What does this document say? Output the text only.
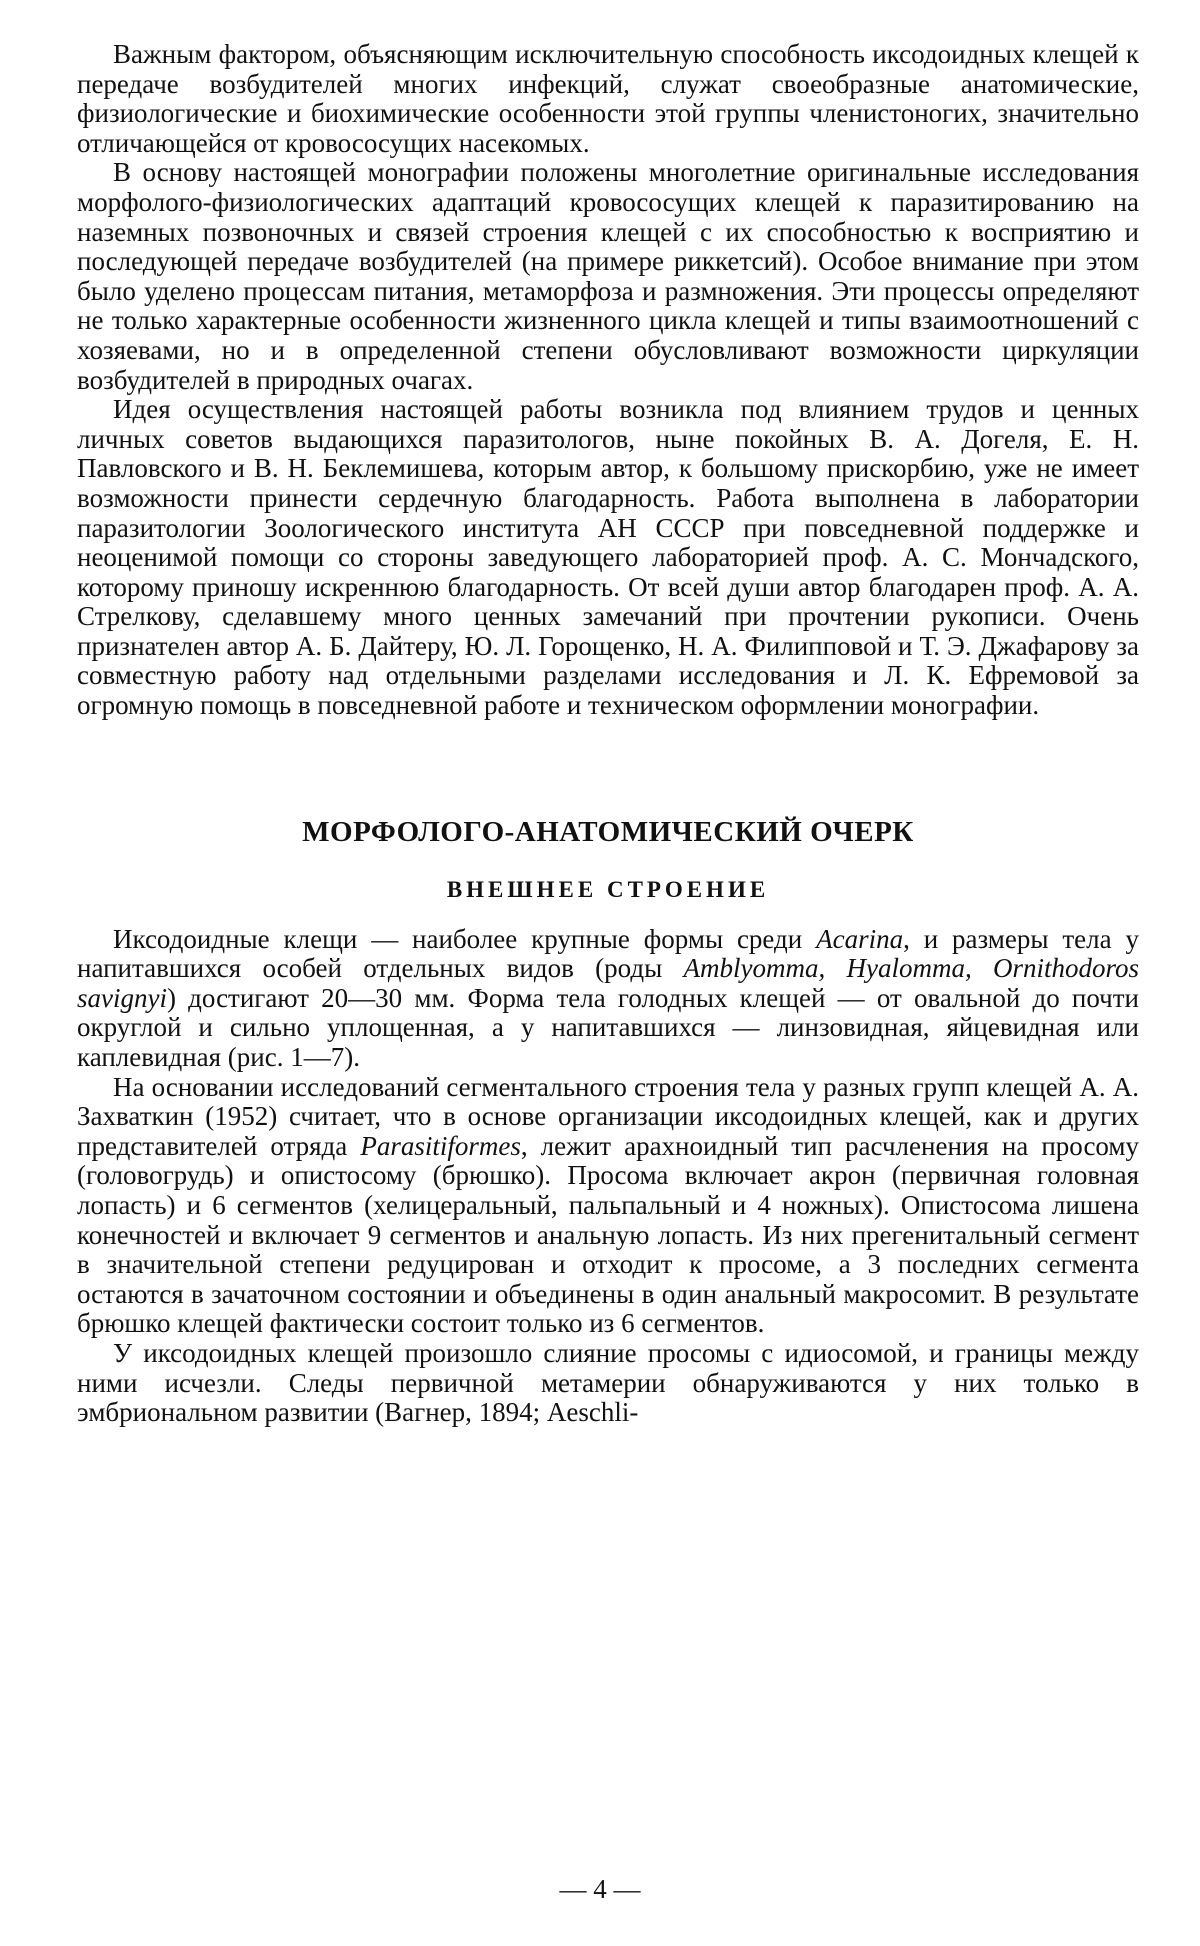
Важным фактором, объясняющим исключительную способность иксодоидных клещей к передаче возбудителей многих инфекций, служат своеобразные анатомические, физиологические и биохимические особенности этой группы членистоногих, значительно отличающейся от кровососущих насекомых.

В основу настоящей монографии положены многолетние оригинальные исследования морфолого-физиологических адаптаций кровососущих клещей к паразитированию на наземных позвоночных и связей строения клещей с их способностью к восприятию и последующей передаче возбудителей (на примере риккетсий). Особое внимание при этом было уделено процессам питания, метаморфоза и размножения. Эти процессы определяют не только характерные особенности жизненного цикла клещей и типы взаимоотношений с хозяевами, но и в определенной степени обусловливают возможности циркуляции возбудителей в природных очагах.

Идея осуществления настоящей работы возникла под влиянием трудов и ценных личных советов выдающихся паразитологов, ныне покойных В. А. Догеля, Е. Н. Павловского и В. Н. Беклемишева, которым автор, к большому прискорбию, уже не имеет возможности принести сердечную благодарность. Работа выполнена в лаборатории паразитологии Зоологического института АН СССР при повседневной поддержке и неоценимой помощи со стороны заведующего лабораторией проф. А. С. Мончадского, которому приношу искреннюю благодарность. От всей души автор благодарен проф. А. А. Стрелкову, сделавшему много ценных замечаний при прочтении рукописи. Очень признателен автор А. Б. Дайтеру, Ю. Л. Горощенко, Н. А. Филипповой и Т. Э. Джафарову за совместную работу над отдельными разделами исследования и Л. К. Ефремовой за огромную помощь в повседневной работе и техническом оформлении монографии.

МОРФОЛОГО-АНАТОМИЧЕСКИЙ ОЧЕРК
ВНЕШНЕЕ СТРОЕНИЕ

Иксодоидные клещи — наиболее крупные формы среди Acarina, и размеры тела у напитавшихся особей отдельных видов (роды Amblyomma, Hyalomma, Ornithodoros savignyi) достигают 20—30 мм. Форма тела голодных клещей — от овальной до почти округлой и сильно уплощенная, а у напитавшихся — линзовидная, яйцевидная или каплевидная (рис. 1—7).

На основании исследований сегментального строения тела у разных групп клещей А. А. Захваткин (1952) считает, что в основе организации иксодоидных клещей, как и других представителей отряда Parasitiformes, лежит арахноидный тип расчленения на просому (головогрудь) и опистосому (брюшко). Просома включает акрон (первичная головная лопасть) и 6 сегментов (хелицеральный, пальпальный и 4 ножных). Опистосома лишена конечностей и включает 9 сегментов и анальную лопасть. Из них прегенитальный сегмент в значительной степени редуцирован и отходит к просоме, а 3 последних сегмента остаются в зачаточном состоянии и объединены в один анальный макросомит. В результате брюшко клещей фактически состоит только из 6 сегментов.

У иксодоидных клещей произошло слияние просомы с идиосомой, и границы между ними исчезли. Следы первичной метамерии обнаруживаются у них только в эмбриональном развитии (Вагнер, 1894; Aeschli-

— 4 —
